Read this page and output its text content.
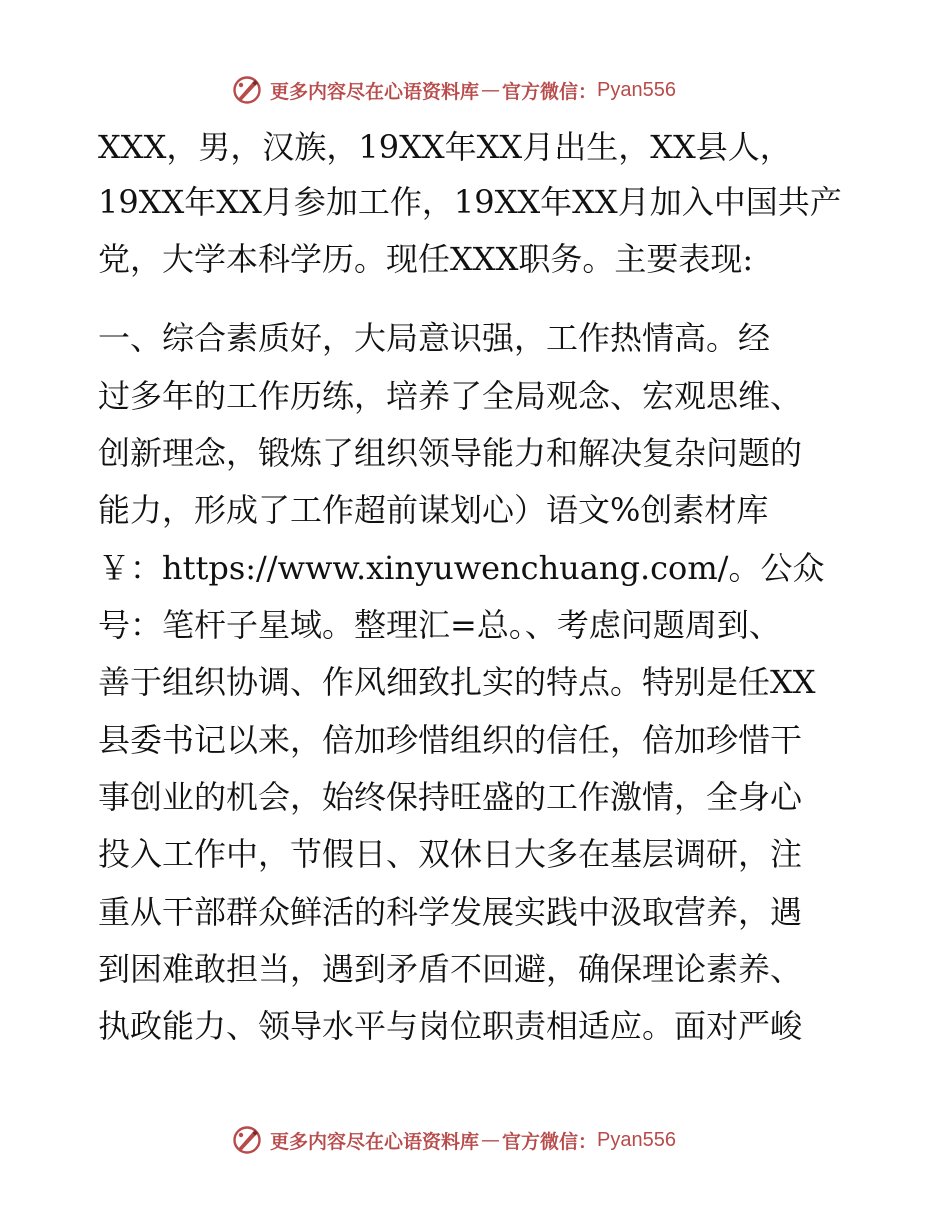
更多内容尽在心语资料库 — 官方微信： Pyan556
XXX，男，汉族，19XX年XX月出生，XX县人，
19XX年XX月参加工作，19XX年XX月加入中国共产
党，大学本科学历。现任XXX职务。主要表现:
一、综合素质好，大局意识强，工作热情高。经
过多年的工作历练，培养了全局观念、宏观思维、
创新理念，锻炼了组织领导能力和解决复杂问题的
能力，形成了工作超前谋划心）语文%创素材库
￥：https://www.xinyuwenchuang.com/。公众
号：笔杆子星域。整理汇=总。、考虑问题周到、
善于组织协调、作风细致扎实的特点。特别是任XX
县委书记以来，倍加珍惜组织的信任，倍加珍惜干
事创业的机会，始终保持旺盛的工作激情，全身心
投入工作中，节假日、双休日大多在基层调研，注
重从干部群众鲜活的科学发展实践中汲取营养，遇
到困难敢担当，遇到矛盾不回避，确保理论素养、
执政能力、领导水平与岗位职责相适应。面对严峻
更多内容尽在心语资料库 — 官方微信： Pyan556
